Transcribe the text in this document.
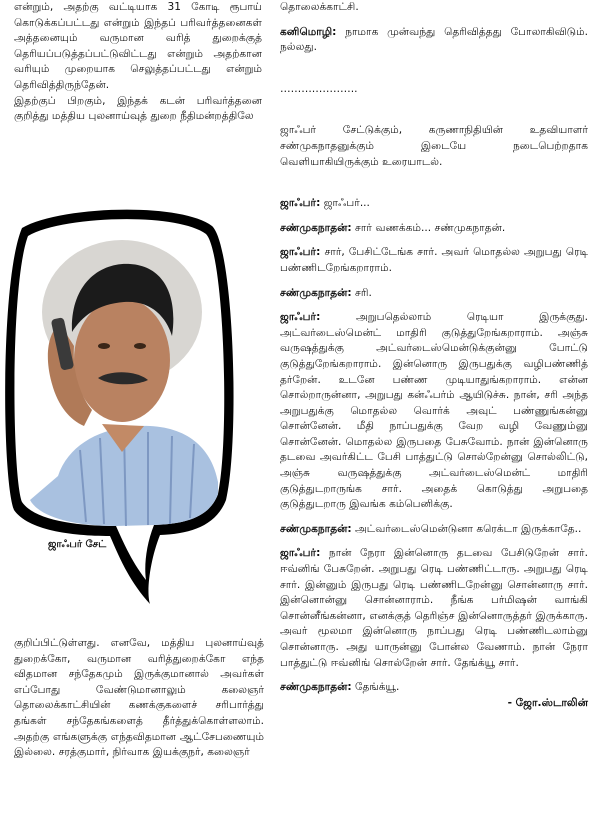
என்றும், அதற்கு வட்டியாக 31 கோடி ரூபாய் கொடுக்கப்பட்டது என்றும் இந்தப் பரிவர்த்தனைகள் அத்தனையும் வருமான வரித் துறைக்குத் தெரியப்படுத்தப்பட்டுவிட்டது என்றும் அதற்கான வரியும் முறையாக செலுத்தப்பட்டது என்றும் தெரிவித்திருந்தேன்.

இதற்குப் பிறகும், இந்தக் கடன் பரிவர்த்தனை குறித்து மத்திய புலனாய்வுத் துறை நீதிமன்றத்திலே

ஜாஃபர் சேட்

குறிப்பிட்டுள்ளது. எனவே, மத்திய புலனாய்வுத் துறைக்கோ, வருமான வரித்துறைக்கோ எந்த விதமான சந்தேகமும் இருக்குமானால் அவர்கள் எப்போது வேண்டுமானாலும் கலைஞர் தொலைக்காட்சியின் கணக்குகளைச் சரிபார்த்து தங்கள் சந்தேகங்களைத் தீர்த்துக்கொள்ளலாம். அதற்கு எங்களுக்கு எந்தவிதமான ஆட்சேபணையும் இல்லை. சரத்குமார், நிர்வாக இயக்குநர், கலைஞர்

தொலைக்காட்சி.

கனிமொழி: நாமாக முன்வந்து தெரிவித்தது போலாகிவிடும். நல்லது.

………………….

ஜாஃபர் சேட்டுக்கும், கருணாநிதியின் உதவியாளர் சண்முகநாதனுக்கும் இடையே நடைபெற்றதாக வெளியாகியிருக்கும் உரையாடல்.

ஜாஃபர்: ஜாஃபர்...

சண்முகநாதன்: சார் வணக்கம்... சண்முகநாதன்.

ஜாஃபர்: சார், பேசிட்டேங்க சார். அவர் மொதல்ல அறுபது ரெடி பண்ணிடறேங்கறாராம்.

சண்முகநாதன்: சரி.

ஜாஃபர்:	அறுபதெல்லாம் ரெடியா இருக்குது. அட்வர்டைஸ்மென்ட் மாதிரி குடுத்துறேங்கறாராம். அஞ்சு வருஷத்துக்கு அட்வர்டைஸ்மென்டுக்குன்னு போட்டு குடுத்துறேங்கறாராம். இன்னொரு இருபதுக்கு வழிபண்ணித் தர்றேன். உடனே பண்ண முடியாதுங்கறாராம். என்ன சொல்றாருன்னா, அறுபது கன்ஃபர்ம் ஆயிடுச்சு. நான், சரி அந்த அறுபதுக்கு மொதல்ல வொர்க் அவுட் பண்ணுங்கன்னு சொன்னேன். மீதி நாப்பதுக்கு வேற வழி வேணும்னு சொன்னேன். மொதல்ல இருபதை பேசுவோம். நான் இன்னொரு தடவை அவர்கிட்ட பேசி பாத்துட்டு சொல்றேன்னு சொல்லிட்டு, அஞ்சு வருஷத்துக்கு அட்வர்டைஸ்மென்ட் மாதிரி குடுத்துடறாருங்க சார். அதைக் கொடுத்து அறுபதை குடுத்துடறாரு இவங்க கம்பெனிக்கு.

சண்முகநாதன்: அட்வர்டைஸ்மென்டுனா கரெக்டா இருக்காதே..

ஜாஃபர்: நான் நேரா இன்னொரு தடவை பேசிடுறேன் சார். ஈவ்னிங் பேசுறேன். அறுபது ரெடி பண்ணிட்டாரு. அறுபது ரெடி சார். இன்னும் இருபது ரெடி பண்ணிடறேன்னு சொன்னாரு சார். இன்னொன்னு சொன்னாராம். நீங்க பர்மிஷன் வாங்கி சொன்னீங்கன்னா, எனக்குத் தெரிஞ்ச இன்னொருத்தர் இருக்காரு. அவர் மூலமா இன்னொரு நாப்பது ரெடி பண்ணிடலாம்னு சொன்னாரு. அது யாருன்னு போன்ல வேணாம். நான் நேரா பாத்துட்டு ஈவ்னிங் சொல்றேன் சார். தேங்க்யூ சார்.

சண்முகநாதன்: தேங்க்யூ.

- ஜோ.ஸ்டாலின்
